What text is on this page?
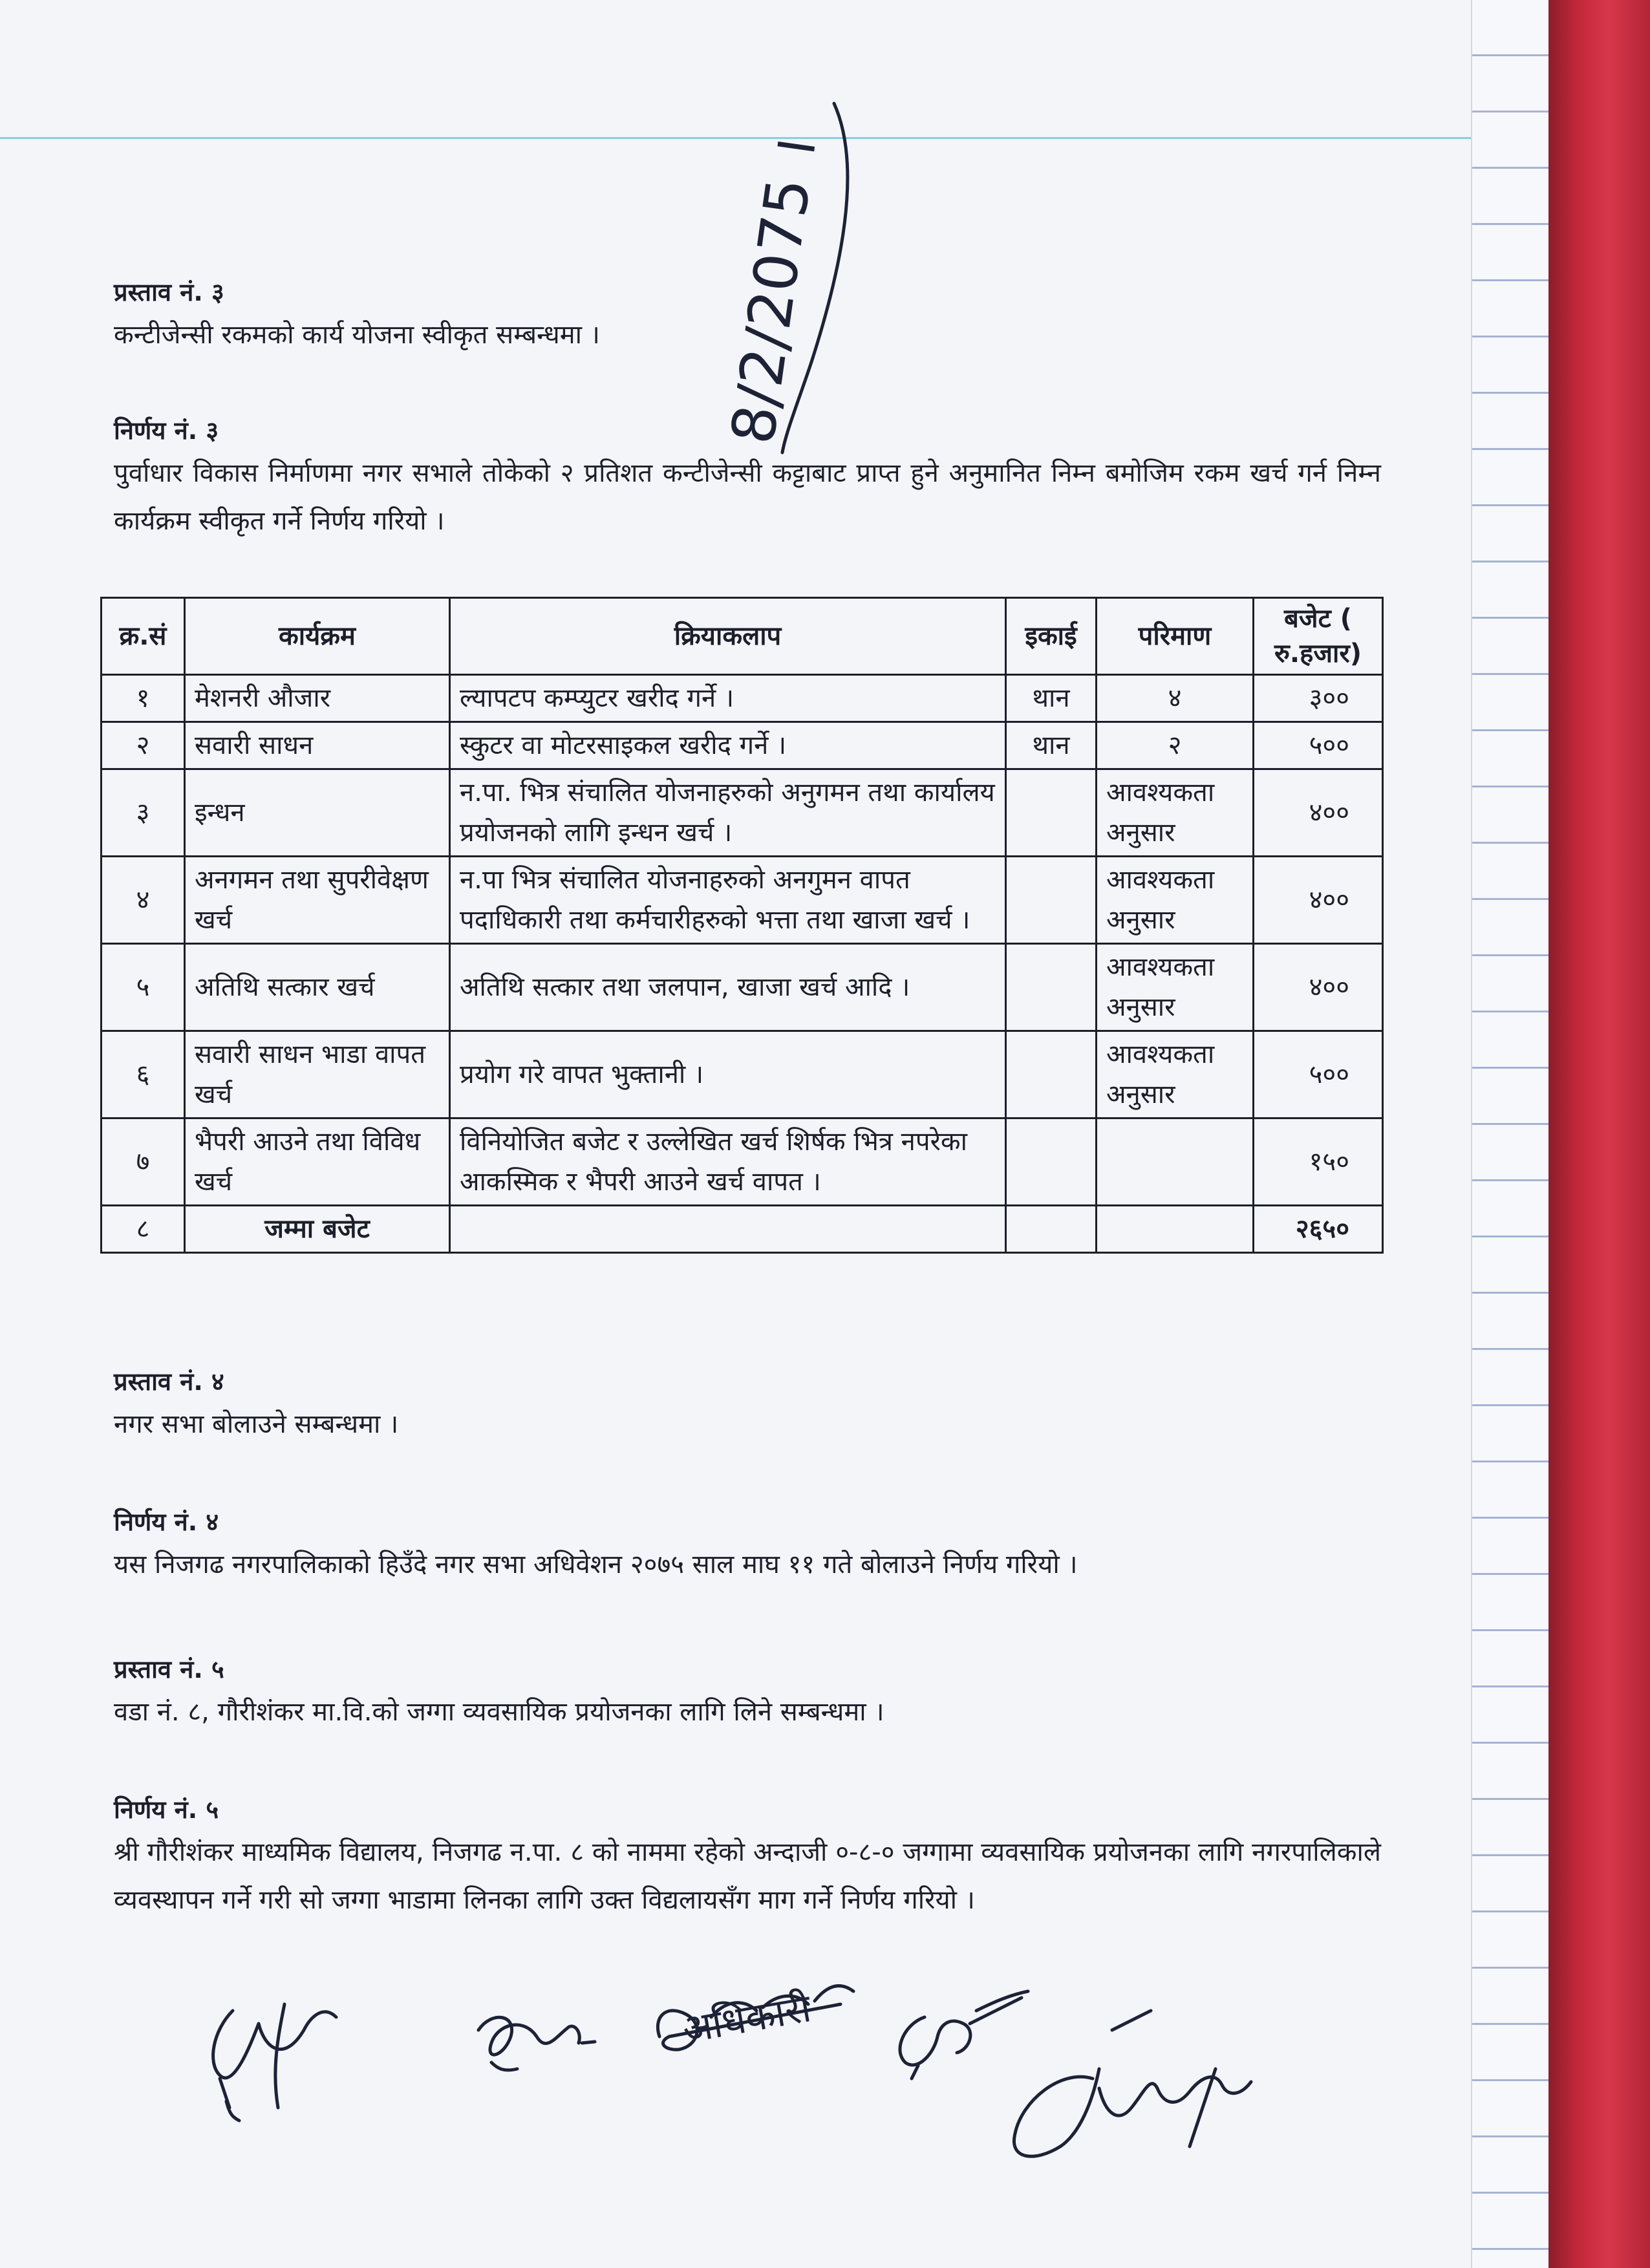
प्रस्ताव नं. ३

कन्टीजेन्सी रकमको कार्य योजना स्वीकृत सम्बन्धमा ।

निर्णय नं. ३

पुर्वाधार विकास निर्माणमा नगर सभाले तोकेको २ प्रतिशत कन्टीजेन्सी कट्टाबाट प्राप्त हुने अनुमानित निम्न बमोजिम रकम खर्च गर्न निम्न कार्यक्रम स्वीकृत गर्ने निर्णय गरियो ।

क्र.सं	कार्यक्रम	क्रियाकलाप	इकाई	परिमाण	बजेट ( रु.हजार)
१	मेशनरी औजार	ल्यापटप कम्प्युटर खरीद गर्ने ।	थान	४	३००
२	सवारी साधन	स्कुटर वा मोटरसाइकल खरीद गर्ने ।	थान	२	५००
३	इन्धन	न.पा. भित्र संचालित योजनाहरुको अनुगमन तथा कार्यालय प्रयोजनको लागि इन्धन खर्च ।		आवश्यकता अनुसार	४००
४	अनगमन तथा सुपरीवेक्षण खर्च	न.पा भित्र संचालित योजनाहरुको अनगुमन वापत पदाधिकारी तथा कर्मचारीहरुको भत्ता तथा खाजा खर्च ।		आवश्यकता अनुसार	४००
५	अतिथि सत्कार खर्च	अतिथि सत्कार तथा जलपान, खाजा खर्च आदि ।		आवश्यकता अनुसार	४००
६	सवारी साधन भाडा वापत खर्च	प्रयोग गरे वापत भुक्तानी ।		आवश्यकता अनुसार	५००
७	भैपरी आउने तथा विविध खर्च	विनियोजित बजेट र उल्लेखित खर्च शिर्षक भित्र नपरेका आकस्मिक र भैपरी आउने खर्च वापत ।			१५०
८	जम्मा बजेट				२६५०

प्रस्ताव नं. ४

नगर सभा बोलाउने सम्बन्धमा ।

निर्णय नं. ४

यस निजगढ नगरपालिकाको हिउँदे नगर सभा अधिवेशन २०७५ साल माघ ११ गते बोलाउने निर्णय गरियो ।

प्रस्ताव नं. ५

वडा नं. ८, गौरीशंकर मा.वि.को जग्गा व्यवसायिक प्रयोजनका लागि लिने सम्बन्धमा ।

निर्णय नं. ५

श्री गौरीशंकर माध्यमिक विद्यालय, निजगढ न.पा. ८ को नाममा रहेको अन्दाजी ०-८-० जग्गामा व्यवसायिक प्रयोजनका लागि नगरपालिकाले व्यवस्थापन गर्ने गरी सो जग्गा भाडामा लिनका लागि उक्त विद्यलायसँग माग गर्ने निर्णय गरियो ।

8/2/2075 ।
अधिकारी
